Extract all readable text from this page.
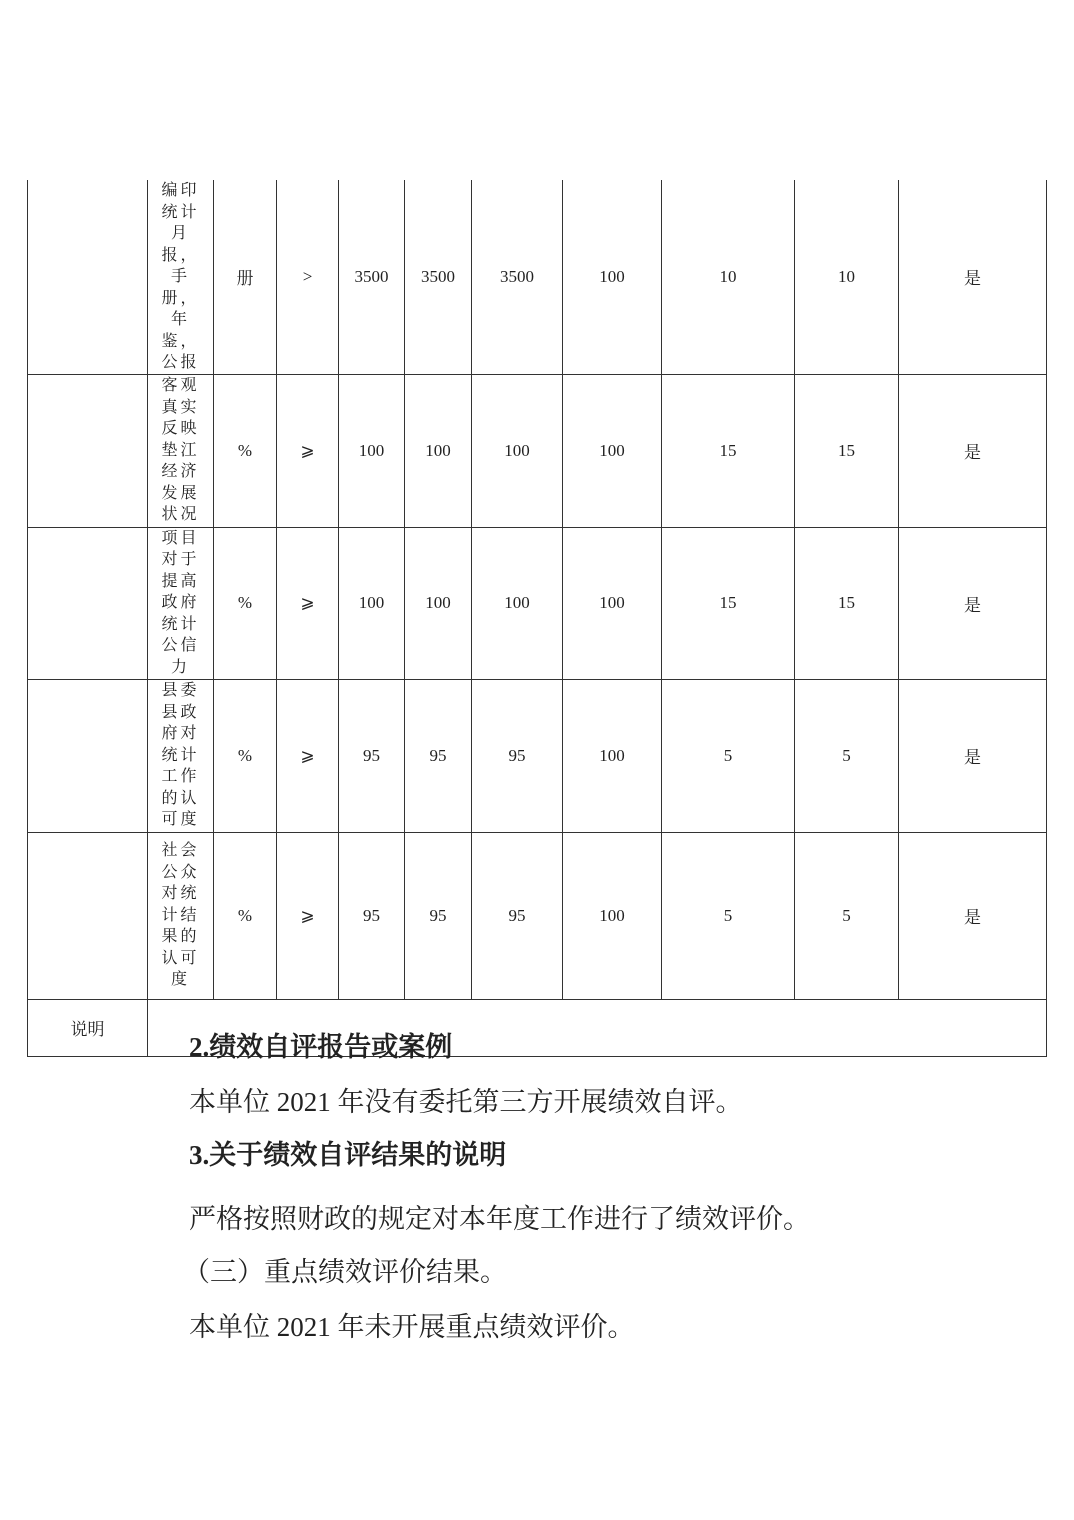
	编印统计月报，手册，年鉴，公报	册	>	3500	3500	3500	100	10	10	是

	客观真实反映垫江经济发展状况	%	⩾	100	100	100	100	15	15	是

	项目对于提高政府统计公信力	%	⩾	100	100	100	100	15	15	是

	县委县政府对统计工作的认可度	%	⩾	95	95	95	100	5	5	是

	社会公众对统计结果的认可度	%	⩾	95	95	95	100	5	5	是
说明										
2.绩效自评报告或案例
本单位 2021 年没有委托第三方开展绩效自评。
3.关于绩效自评结果的说明
严格按照财政的规定对本年度工作进行了绩效评价。
（三）重点绩效评价结果。
本单位 2021 年未开展重点绩效评价。
